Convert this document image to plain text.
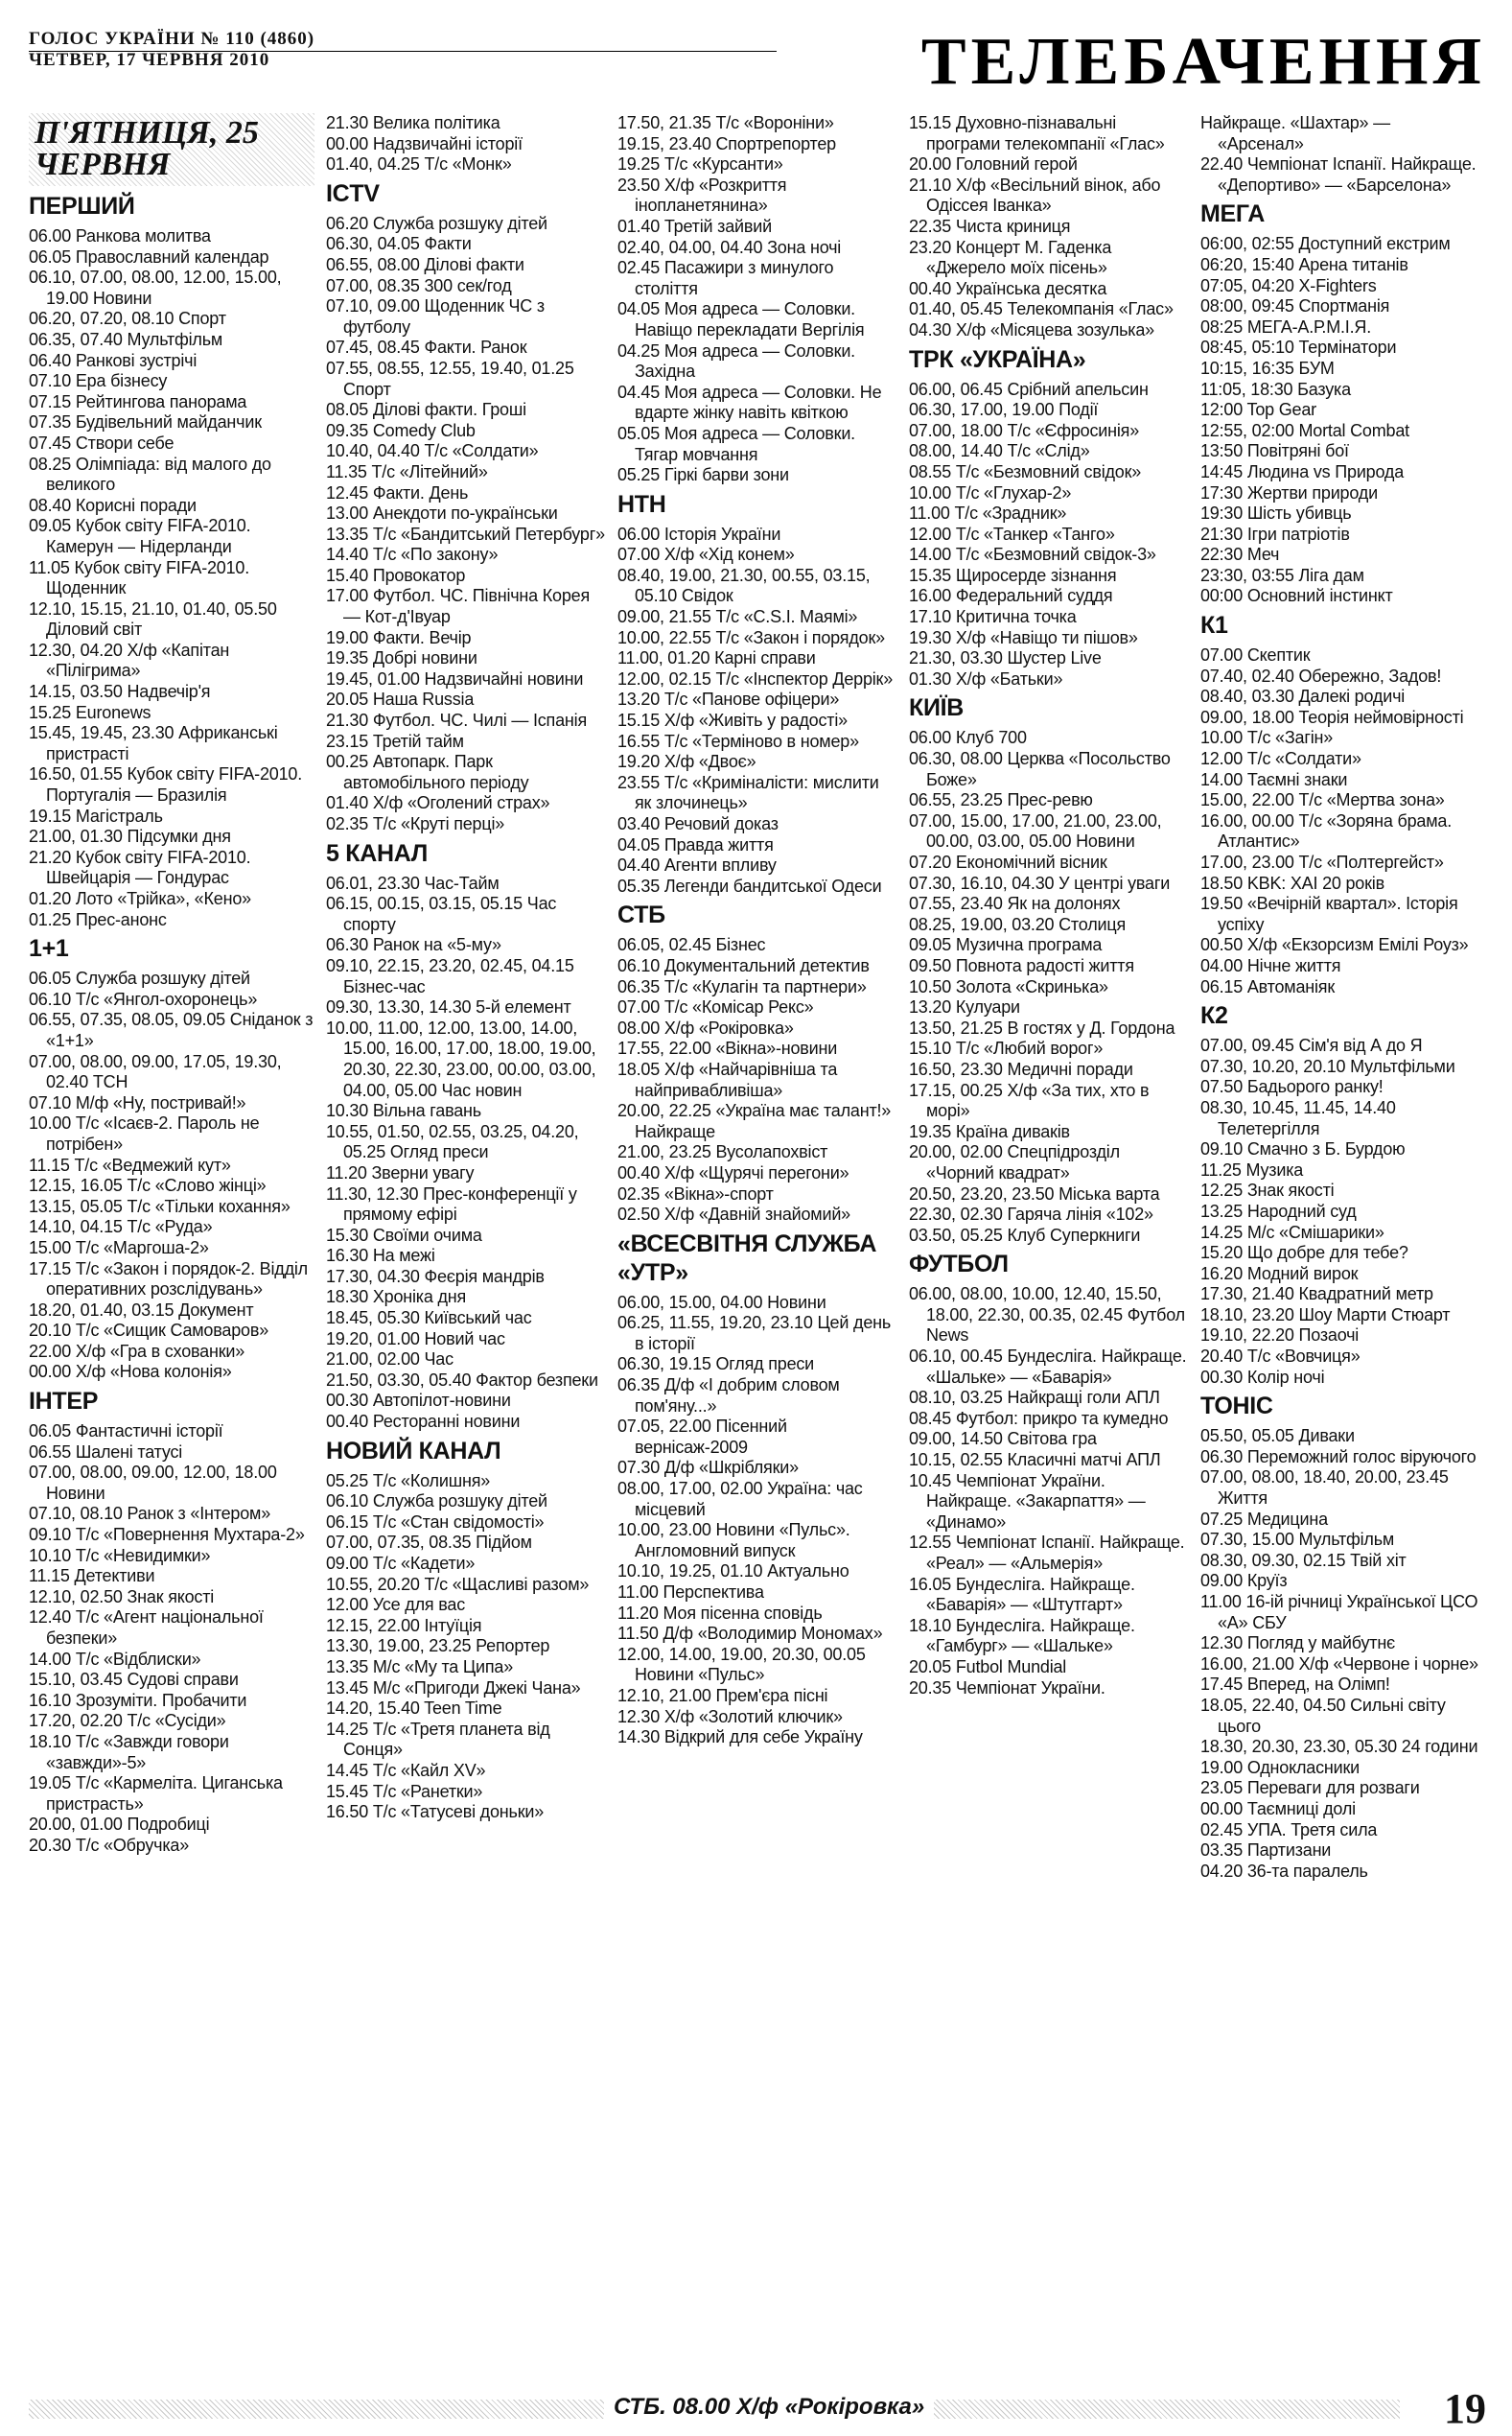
ГОЛОС УКРАЇНИ № 110 (4860)
ЧЕТВЕР, 17 ЧЕРВНЯ 2010	ТЕЛЕБАЧЕННЯ
П'ЯТНИЦЯ, 25 ЧЕРВНЯ
ПЕРШИЙ
06.00 Ранкова молитва
06.05 Православний календар
06.10, 07.00, 08.00, 12.00, 15.00, 19.00 Новини
06.20, 07.20, 08.10 Спорт
06.35, 07.40 Мультфільм
06.40 Ранкові зустрічі
07.10 Ера бізнесу
07.15 Рейтингова панорама
07.35 Будівельний майданчик
07.45 Створи себе
08.25 Олімпіада: від малого до великого
08.40 Корисні поради
09.05 Кубок світу FIFA-2010. Камерун — Нідерланди
11.05 Кубок світу FIFA-2010. Щоденник
12.10, 15.15, 21.10, 01.40, 05.50 Діловий світ
12.30, 04.20 Х/ф «Капітан «Пілігрима»
14.15, 03.50 Надвечір'я
15.25 Euronews
15.45, 19.45, 23.30 Африканські пристрасті
16.50, 01.55 Кубок світу FIFA-2010. Португалія — Бразилія
19.15 Магістраль
21.00, 01.30 Підсумки дня
21.20 Кубок світу FIFA-2010. Швейцарія — Гондурас
01.20 Лото «Трійка», «Кено»
01.25 Прес-анонс
1+1
06.05 Служба розшуку дітей
06.10 Т/с «Янгол-охоронець»
06.55, 07.35, 08.05, 09.05 Сніданок з «1+1»
07.00, 08.00, 09.00, 17.05, 19.30, 02.40 ТСН
07.10 М/ф «Ну, постривай!»
10.00 Т/с «Ісаєв-2. Пароль не потрібен»
11.15 Т/с «Ведмежий кут»
12.15, 16.05 Т/с «Слово жінці»
13.15, 05.05 Т/с «Тільки кохання»
14.10, 04.15 Т/с «Руда»
15.00 Т/с «Маргоша-2»
17.15 Т/с «Закон і порядок-2. Відділ оперативних розслідувань»
18.20, 01.40, 03.15 Документ
20.10 Т/с «Сищик Самоваров»
22.00 Х/ф «Гра в схованки»
00.00 Х/ф «Нова колонія»
ІНТЕР
06.05 Фантастичні історії
06.55 Шалені татусі
07.00, 08.00, 09.00, 12.00, 18.00 Новини
07.10, 08.10 Ранок з «Інтером»
09.10 Т/с «Повернення Мухтара-2»
10.10 Т/с «Невидимки»
11.15 Детективи
12.10, 02.50 Знак якості
12.40 Т/с «Агент національної безпеки»
14.00 Т/с «Відблиски»
15.10, 03.45 Судові справи
16.10 Зрозуміти. Пробачити
17.20, 02.20 Т/с «Сусіди»
18.10 Т/с «Завжди говори «завжди»-5»
19.05 Т/с «Кармеліта. Циганська пристрасть»
20.00, 01.00 Подробиці
20.30 Т/с «Обручка»
21.30 Велика політика
00.00 Надзвичайні історії
01.40, 04.25 Т/с «Монк»
ICTV
06.20 Служба розшуку дітей
06.30, 04.05 Факти
06.55, 08.00 Ділові факти
07.00, 08.35 300 сек/год
07.10, 09.00 Щоденник ЧС з футболу
07.45, 08.45 Факти. Ранок
07.55, 08.55, 12.55, 19.40, 01.25 Спорт
08.05 Ділові факти. Гроші
09.35 Comedy Club
10.40, 04.40 Т/с «Солдати»
11.35 Т/с «Літейний»
12.45 Факти. День
13.00 Анекдоти по-українськи
13.35 Т/с «Бандитський Петербург»
14.40 Т/с «По закону»
15.40 Провокатор
17.00 Футбол. ЧС. Північна Корея — Кот-д'Івуар
19.00 Факти. Вечір
19.35 Добрі новини
19.45, 01.00 Надзвичайні новини
20.05 Наша Russia
21.30 Футбол. ЧС. Чилі — Іспанія
23.15 Третій тайм
00.25 Автопарк. Парк автомобільного періоду
01.40 Х/ф «Оголений страх»
02.35 Т/с «Круті перці»
5 КАНАЛ
06.01, 23.30 Час-Тайм
06.15, 00.15, 03.15, 05.15 Час спорту
06.30 Ранок на «5-му»
09.10, 22.15, 23.20, 02.45, 04.15 Бізнес-час
09.30, 13.30, 14.30 5-й елемент
10.00, 11.00, 12.00, 13.00, 14.00, 15.00, 16.00, 17.00, 18.00, 19.00, 20.30, 22.30, 23.00, 00.00, 03.00, 04.00, 05.00 Час новин
10.30 Вільна гавань
10.55, 01.50, 02.55, 03.25, 04.20, 05.25 Огляд преси
11.20 Зверни увагу
11.30, 12.30 Прес-конференції у прямому ефірі
15.30 Своїми очима
16.30 На межі
17.30, 04.30 Феєрія мандрів
18.30 Хроніка дня
18.45, 05.30 Київський час
19.20, 01.00 Новий час
21.00, 02.00 Час
21.50, 03.30, 05.40 Фактор безпеки
00.30 Автопілот-новини
00.40 Ресторанні новини
НОВИЙ КАНАЛ
05.25 Т/с «Колишня»
06.10 Служба розшуку дітей
06.15 Т/с «Стан свідомості»
07.00, 07.35, 08.35 Підйом
09.00 Т/с «Кадети»
10.55, 20.20 Т/с «Щасливі разом»
12.00 Усе для вас
12.15, 22.00 Інтуїція
13.30, 19.00, 23.25 Репортер
13.35 М/с «Му та Ципа»
13.45 М/с «Пригоди Джекі Чана»
14.20, 15.40 Teen Time
14.25 Т/с «Третя планета від Сонця»
14.45 Т/с «Кайл XV»
15.45 Т/с «Ранетки»
16.50 Т/с «Татусеві доньки»
17.50, 21.35 Т/с «Вороніни»
19.15, 23.40 Спортрепортер
19.25 Т/с «Курсанти»
23.50 Х/ф «Розкриття інопланетянина»
01.40 Третій зайвий
02.40, 04.00, 04.40 Зона ночі
02.45 Пасажири з минулого століття
04.05 Моя адреса — Соловки. Навіщо перекладати Вергілія
04.25 Моя адреса — Соловки. Західна
04.45 Моя адреса — Соловки. Не вдарте жінку навіть квіткою
05.05 Моя адреса — Соловки. Тягар мовчання
05.25 Гіркі барви зони
НТН
06.00 Історія України
07.00 Х/ф «Хід конем»
08.40, 19.00, 21.30, 00.55, 03.15, 05.10 Свідок
09.00, 21.55 Т/с «C.S.I. Маямі»
10.00, 22.55 Т/с «Закон і порядок»
11.00, 01.20 Карні справи
12.00, 02.15 Т/с «Інспектор Деррік»
13.20 Т/с «Панове офіцери»
15.15 Х/ф «Живіть у радості»
16.55 Т/с «Терміново в номер»
19.20 Х/ф «Двоє»
23.55 Т/с «Криміналісти: мислити як злочинець»
03.40 Речовий доказ
04.05 Правда життя
04.40 Агенти впливу
05.35 Легенди бандитської Одеси
СТБ
06.05, 02.45 Бізнес
06.10 Документальний детектив
06.35 Т/с «Кулагін та партнери»
07.00 Т/с «Комісар Рекс»
08.00 Х/ф «Рокіровка»
17.55, 22.00 «Вікна»-новини
18.05 Х/ф «Найчарівніша та найпривабливіша»
20.00, 22.25 «Україна має талант!» Найкраще
21.00, 23.25 Вусолапохвіст
00.40 Х/ф «Щурячі перегони»
02.35 «Вікна»-спорт
02.50 Х/ф «Давній знайомий»
«ВСЕСВІТНЯ СЛУЖБА «УТР»
06.00, 15.00, 04.00 Новини
06.25, 11.55, 19.20, 23.10 Цей день в історії
06.30, 19.15 Огляд преси
06.35 Д/ф «І добрим словом пом'яну...»
07.05, 22.00 Пісенний вернісаж-2009
07.30 Д/ф «Шкрібляки»
08.00, 17.00, 02.00 Україна: час місцевий
10.00, 23.00 Новини «Пульс». Англомовний випуск
10.10, 19.25, 01.10 Актуально
11.00 Перспектива
11.20 Моя пісенна сповідь
11.50 Д/ф «Володимир Мономах»
12.00, 14.00, 19.00, 20.30, 00.05 Новини «Пульс»
12.10, 21.00 Прем'єра пісні
12.30 Х/ф «Золотий ключик»
14.30 Відкрий для себе Україну
15.15 Духовно-пізнавальні програми телекомпанії «Глас»
20.00 Головний герой
21.10 Х/ф «Весільний вінок, або Одіссея Іванка»
22.35 Чиста криниця
23.20 Концерт М. Гаденка «Джерело моїх пісень»
00.40 Українська десятка
01.40, 05.45 Телекомпанія «Глас»
04.30 Х/ф «Місяцева зозулька»
ТРК «УКРАЇНА»
06.00, 06.45 Срібний апельсин
06.30, 17.00, 19.00 Події
07.00, 18.00 Т/с «Єфросинія»
08.00, 14.40 Т/с «Слід»
08.55 Т/с «Безмовний свідок»
10.00 Т/с «Глухар-2»
11.00 Т/с «Зрадник»
12.00 Т/с «Танкер «Танго»
14.00 Т/с «Безмовний свідок-3»
15.35 Щиросерде зізнання
16.00 Федеральний суддя
17.10 Критична точка
19.30 Х/ф «Навіщо ти пішов»
21.30, 03.30 Шустер Live
01.30 Х/ф «Батьки»
КИЇВ
06.00 Клуб 700
06.30, 08.00 Церква «Посольство Боже»
06.55, 23.25 Прес-ревю
07.00, 15.00, 17.00, 21.00, 23.00, 00.00, 03.00, 05.00 Новини
07.20 Економічний вісник
07.30, 16.10, 04.30 У центрі уваги
07.55, 23.40 Як на долонях
08.25, 19.00, 03.20 Столиця
09.05 Музична програма
09.50 Повнота радості життя
10.50 Золота «Скринька»
13.20 Кулуари
13.50, 21.25 В гостях у Д. Гордона
15.10 Т/с «Любий ворог»
16.50, 23.30 Медичні поради
17.15, 00.25 Х/ф «За тих, хто в морі»
19.35 Країна диваків
20.00, 02.00 Спецпідрозділ «Чорний квадрат»
20.50, 23.20, 23.50 Міська варта
22.30, 02.30 Гаряча лінія «102»
03.50, 05.25 Клуб Суперкниги
ФУТБОЛ
06.00, 08.00, 10.00, 12.40, 15.50, 18.00, 22.30, 00.35, 02.45 Футбол News
06.10, 00.45 Бундесліга. Найкраще. «Шальке» — «Баварія»
08.10, 03.25 Найкращі голи АПЛ
08.45 Футбол: прикро та кумедно
09.00, 14.50 Світова гра
10.15, 02.55 Класичні матчі АПЛ
10.45 Чемпіонат України. Найкраще. «Закарпаття» — «Динамо»
12.55 Чемпіонат Іспанії. Найкраще. «Реал» — «Альмерія»
16.05 Бундесліга. Найкраще. «Баварія» — «Штутгарт»
18.10 Бундесліга. Найкраще. «Гамбург» — «Шальке»
20.05 Futbol Mundial
20.35 Чемпіонат України.
Найкраще. «Шахтар» — «Арсенал»
22.40 Чемпіонат Іспанії. Найкраще. «Депортиво» — «Барселона»
МЕГА
06:00, 02:55 Доступний екстрим
06:20, 15:40 Арена титанів
07:05, 04:20 X-Fighters
08:00, 09:45 Спортманія
08:25 МЕГА-А.Р.М.І.Я.
08:45, 05:10 Термінатори
10:15, 16:35 БУМ
11:05, 18:30 Базука
12:00 Top Gear
12:55, 02:00 Mortal Combat
13:50 Повітряні бої
14:45 Людина vs Природа
17:30 Жертви природи
19:30 Шість убивць
21:30 Ігри патріотів
22:30 Меч
23:30, 03:55 Ліга дам
00:00 Основний інстинкт
К1
07.00 Скептик
07.40, 02.40 Обережно, Задов!
08.40, 03.30 Далекі родичі
09.00, 18.00 Теорія неймовірності
10.00 Т/с «Загін»
12.00 Т/с «Солдати»
14.00 Таємні знаки
15.00, 22.00 Т/с «Мертва зона»
16.00, 00.00 Т/с «Зоряна брама. Атлантис»
17.00, 23.00 Т/с «Полтергейст»
18.50 KBK: XAI 20 років
19.50 «Вечірній квартал». Історія успіху
00.50 Х/ф «Екзорсизм Емілі Роуз»
04.00 Нічне життя
06.15 Автоманіяк
К2
07.00, 09.45 Сім'я від А до Я
07.30, 10.20, 20.10 Мультфільми
07.50 Бадьорого ранку!
08.30, 10.45, 11.45, 14.40 Телетергілля
09.10 Смачно з Б. Бурдою
11.25 Музика
12.25 Знак якості
13.25 Народний суд
14.25 М/с «Смішарики»
15.20 Що добре для тебе?
16.20 Модний вирок
17.30, 21.40 Квадратний метр
18.10, 23.20 Шоу Марти Стюарт
19.10, 22.20 Позаочі
20.40 Т/с «Вовчиця»
00.30 Колір ночі
ТОНІС
05.50, 05.05 Диваки
06.30 Переможний голос віруючого
07.00, 08.00, 18.40, 20.00, 23.45 Життя
07.25 Медицина
07.30, 15.00 Мультфільм
08.30, 09.30, 02.15 Твій хіт
09.00 Круїз
11.00 16-ій річниці Української ЦСО «А» СБУ
12.30 Погляд у майбутнє
16.00, 21.00 Х/ф «Червоне і чорне»
17.45 Вперед, на Олімп!
18.05, 22.40, 04.50 Сильні світу цього
18.30, 20.30, 23.30, 05.30 24 години
19.00 Однокласники
23.05 Переваги для розваги
00.00 Таємниці долі
02.45 УПА. Третя сила
03.35 Партизани
04.20 36-та паралель
СТБ. 08.00 Х/ф «Рокіровка»	19
